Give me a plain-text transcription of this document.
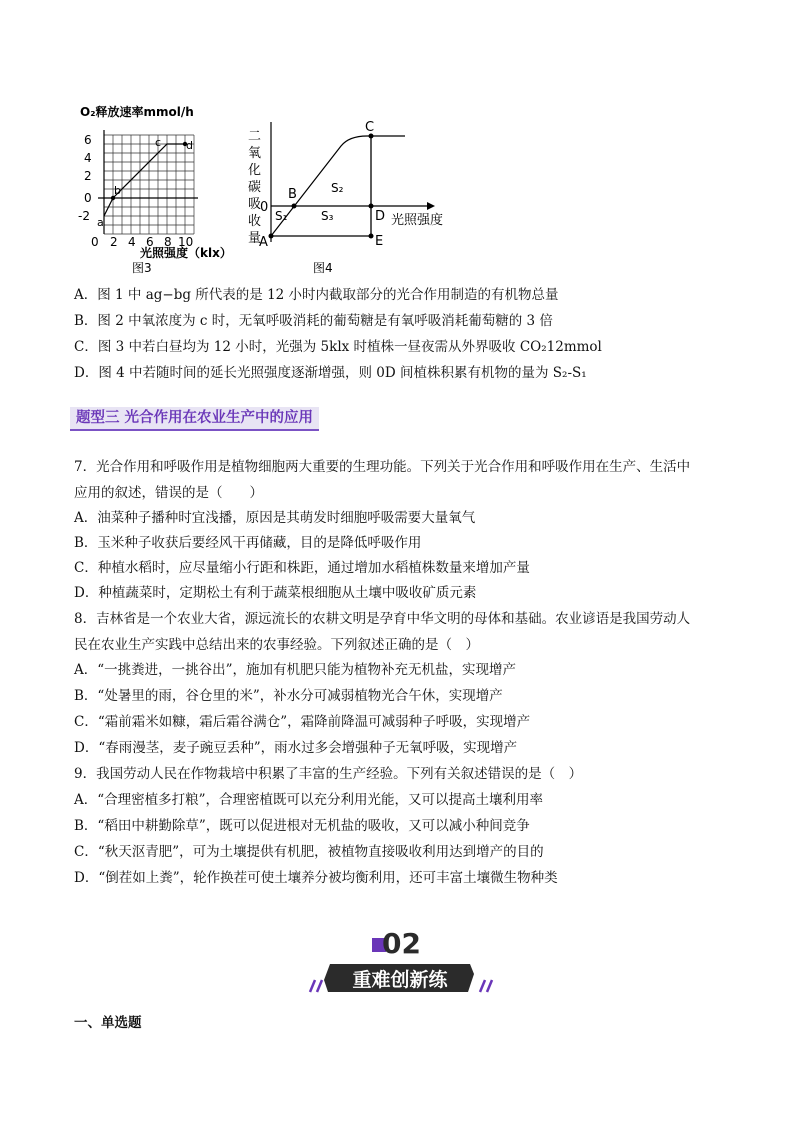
O₂释放速率mmol/h
6
4
2
0
-2
0 2 4 6 8 10
a
b
c d
光照强度（klx）
图3
二
氧
化
碳
吸
收
量
0
光照强度
A
B
C
D
E
S₁
S₂
S₃
图4
A．图 1 中 ag−bg 所代表的是 12 小时内截取部分的光合作用制造的有机物总量
B．图 2 中氧浓度为 c 时，无氧呼吸消耗的葡萄糖是有氧呼吸消耗葡萄糖的 3 倍
C．图 3 中若白昼均为 12 小时，光强为 5klx 时植株一昼夜需从外界吸收 CO₂12mmol
D．图 4 中若随时间的延长光照强度逐渐增强，则 0D 间植株积累有机物的量为 S₂-S₁
题型三 光合作用在农业生产中的应用
7．光合作用和呼吸作用是植物细胞两大重要的生理功能。下列关于光合作用和呼吸作用在生产、生活中
应用的叙述，错误的是（　　）
A．油菜种子播种时宜浅播，原因是其萌发时细胞呼吸需要大量氧气
B．玉米种子收获后要经风干再储藏，目的是降低呼吸作用
C．种植水稻时，应尽量缩小行距和株距，通过增加水稻植株数量来增加产量
D．种植蔬菜时，定期松土有利于蔬菜根细胞从土壤中吸收矿质元素
8．吉林省是一个农业大省，源远流长的农耕文明是孕育中华文明的母体和基础。农业谚语是我国劳动人
民在农业生产实践中总结出来的农事经验。下列叙述正确的是（　）
A．“一挑粪进，一挑谷出”，施加有机肥只能为植物补充无机盐，实现增产
B．“处暑里的雨，谷仓里的米”，补水分可减弱植物光合午休，实现增产
C．“霜前霜米如糠，霜后霜谷满仓”，霜降前降温可减弱种子呼吸，实现增产
D．“春雨漫茎，麦子豌豆丢种”，雨水过多会增强种子无氧呼吸，实现增产
9．我国劳动人民在作物栽培中积累了丰富的生产经验。下列有关叙述错误的是（　）
A．“合理密植多打粮”，合理密植既可以充分利用光能，又可以提高土壤利用率
B．“稻田中耕勤除草”，既可以促进根对无机盐的吸收，又可以减小种间竞争
C．“秋天沤青肥”，可为土壤提供有机肥，被植物直接吸收利用达到增产的目的
D．“倒茬如上粪”，轮作换茬可使土壤养分被均衡利用，还可丰富土壤微生物种类
02
重难创新练
一、单选题
